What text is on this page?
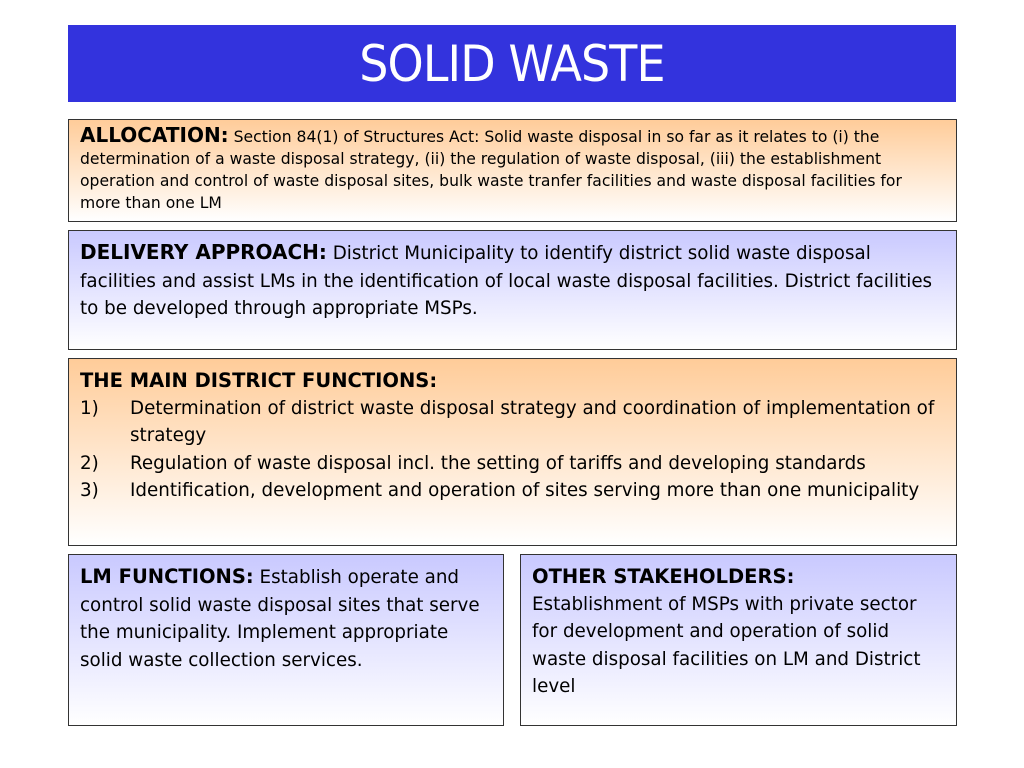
SOLID WASTE
ALLOCATION: Section 84(1) of Structures Act: Solid waste disposal in so far as it relates to (i) the determination of a waste disposal strategy, (ii) the regulation of waste disposal, (iii) the establishment operation and control of waste disposal sites, bulk waste tranfer facilities and waste disposal facilities for more than one LM
DELIVERY APPROACH: District Municipality to identify district solid waste disposal facilities and assist LMs in the identification of local waste disposal facilities. District facilities to be developed through appropriate MSPs.
THE MAIN DISTRICT FUNCTIONS:
1)	Determination of district waste disposal strategy and coordination of implementation of strategy
2)	Regulation of waste disposal incl. the setting of tariffs and developing standards
3)	Identification, development and operation of sites serving more than one municipality
LM FUNCTIONS: Establish operate and control solid waste disposal sites that serve the municipality. Implement appropriate solid waste collection services.
OTHER STAKEHOLDERS:
Establishment of MSPs with private sector for development and operation of solid waste disposal facilities on LM and District level
